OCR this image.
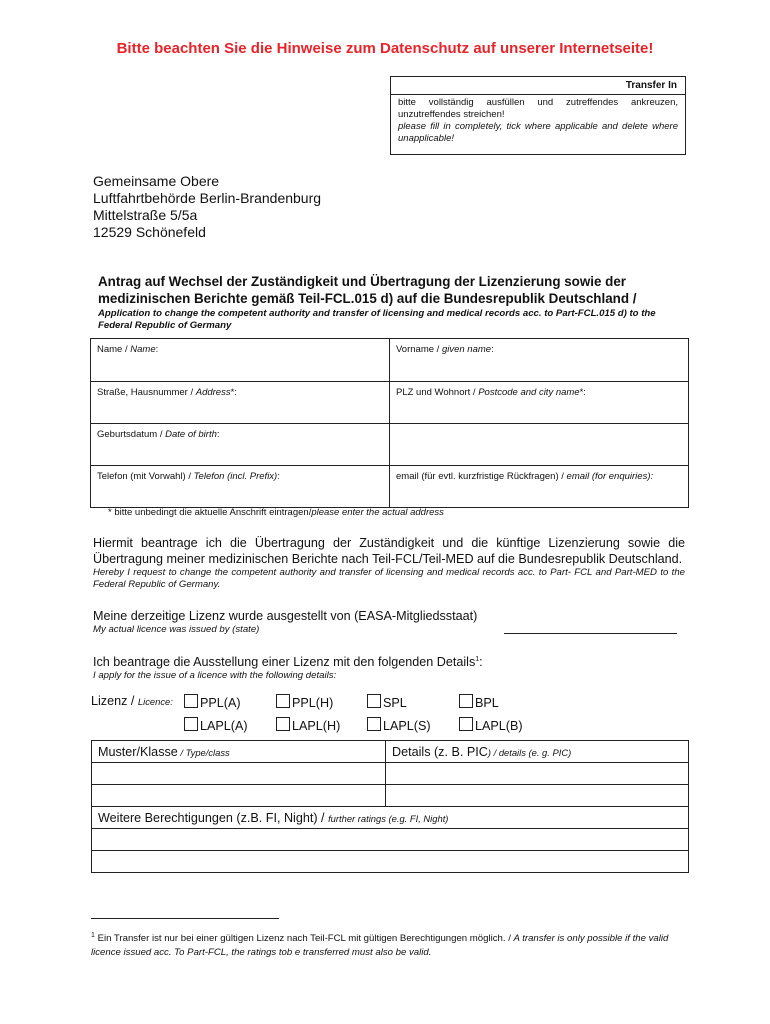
Bitte beachten Sie die Hinweise zum Datenschutz auf unserer Internetseite!
Transfer In
bitte vollständig ausfüllen und zutreffendes ankreuzen, unzutreffendes streichen!
please fill in completely, tick where applicable and delete where unapplicable!
Gemeinsame Obere
Luftfahrtbehörde Berlin-Brandenburg
Mittelstraße 5/5a
12529 Schönefeld
Antrag auf Wechsel der Zuständigkeit und Übertragung der Lizenzierung sowie der medizinischen Berichte gemäß Teil-FCL.015 d) auf die Bundesrepublik Deutschland /
Application to change the competent authority and transfer of licensing and medical records acc. to Part-FCL.015 d) to the Federal Republic of Germany
Name / Name:	Vorname / given name:
Straße, Hausnummer / Address*:	PLZ und Wohnort / Postcode and city name*:
Geburtsdatum / Date of birth:	
Telefon (mit Vorwahl) / Telefon (incl. Prefix):	email (für evtl. kurzfristige Rückfragen) / email (for enquiries):
* bitte unbedingt die aktuelle Anschrift eintragen/please enter the actual address
Hiermit beantrage ich die Übertragung der Zuständigkeit und die künftige Lizenzierung sowie die Übertragung meiner medizinischen Berichte nach Teil-FCL/Teil-MED auf die Bundesrepublik Deutschland.
Hereby I request to change the competent authority and transfer of licensing and medical records acc. to Part- FCL and Part-MED to the Federal Republic of Germany.
Meine derzeitige Lizenz wurde ausgestellt von (EASA-Mitgliedsstaat)
My actual licence was issued by (state)
Ich beantrage die Ausstellung einer Lizenz mit den folgenden Details$^1$:
I apply for the issue of a licence with the following details:
Lizenz / Licence:	PPL(A)	PPL(H)	SPL	BPL
LAPL(A)	LAPL(H)	LAPL(S)	LAPL(B)
Muster/Klasse / Type/class	Details (z. B. PIC) / details (e. g. PIC)

Weitere Berechtigungen (z.B. FI, Night) / further ratings (e.g. FI, Night)	

$^1$ Ein Transfer ist nur bei einer gültigen Lizenz nach Teil-FCL mit gültigen Berechtigungen möglich. / A transfer is only possible if the valid licence issued acc. To Part-FCL, the ratings tob e transferred must also be valid.
